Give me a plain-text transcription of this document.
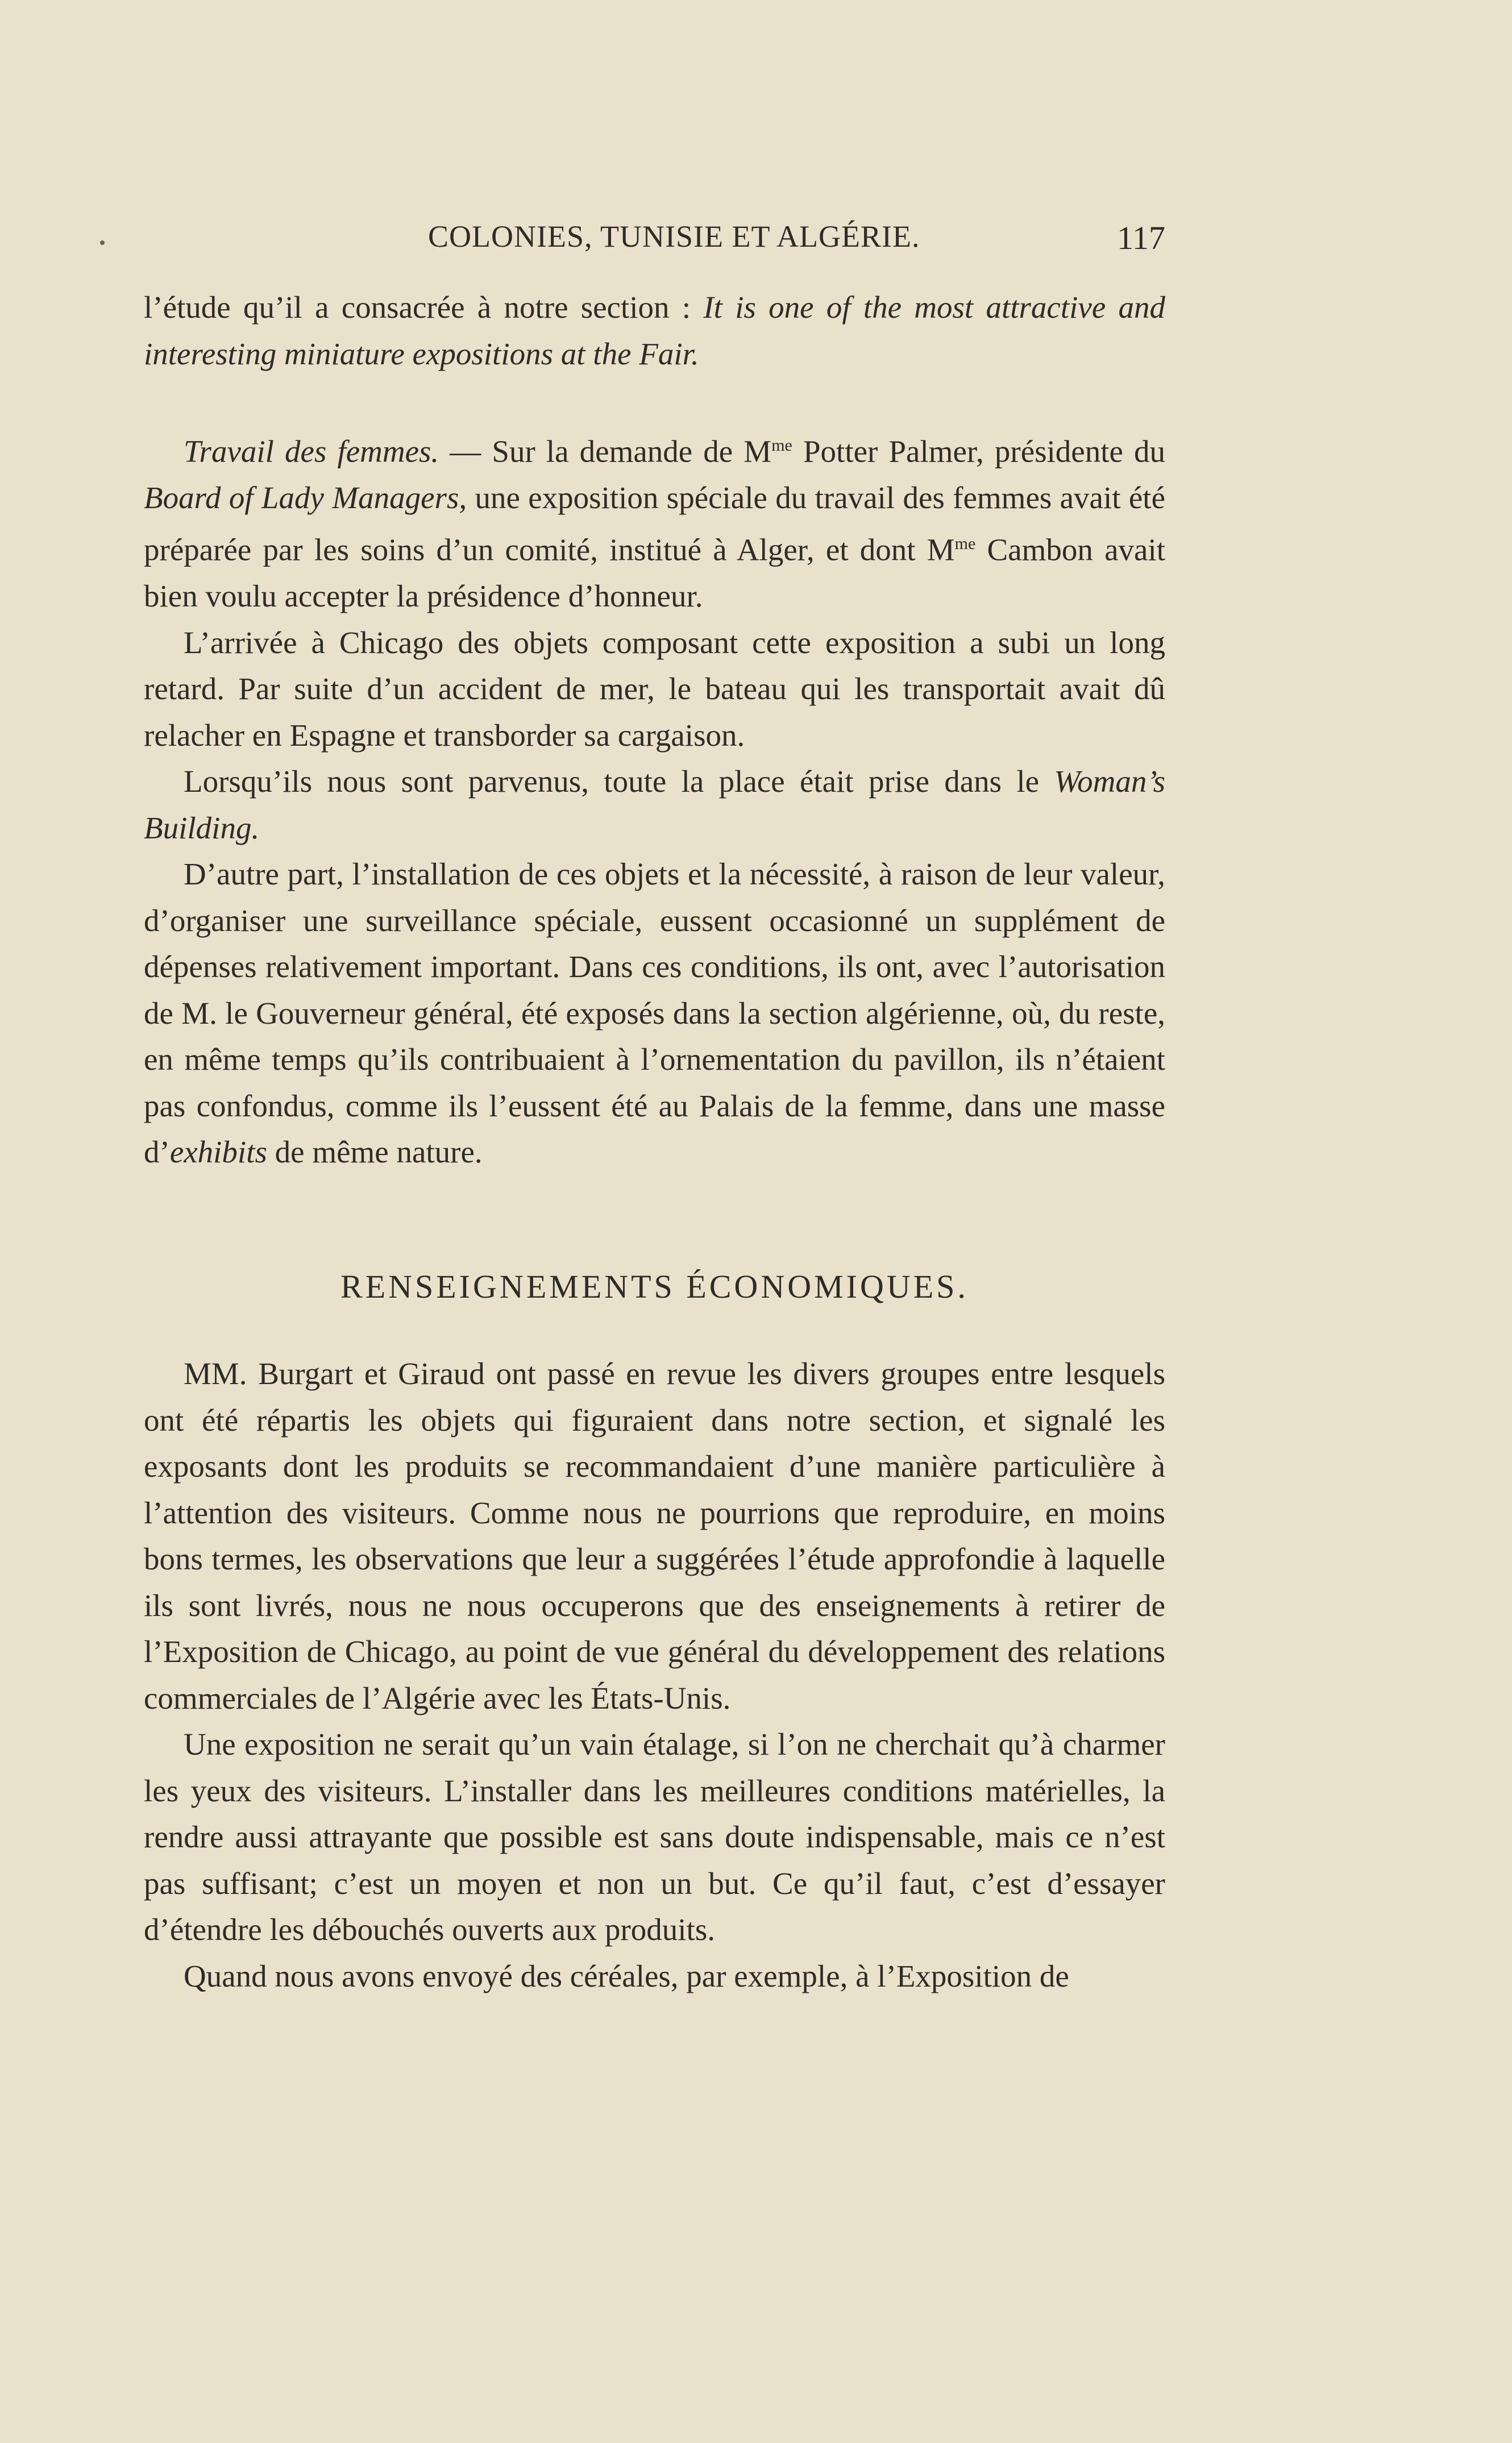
COLONIES, TUNISIE ET ALGÉRIE.	117

l’étude qu’il a consacrée à notre section : It is one of the most attractive and interesting miniature expositions at the Fair.

Travail des femmes. — Sur la demande de $M^{me}$ Potter Palmer, présidente du Board of Lady Managers, une exposition spéciale du travail des femmes avait été préparée par les soins d’un comité, institué à Alger, et dont $M^{me}$ Cambon avait bien voulu accepter la présidence d’honneur.

L’arrivée à Chicago des objets composant cette exposition a subi un long retard. Par suite d’un accident de mer, le bateau qui les transportait avait dû relacher en Espagne et transborder sa cargaison.

Lorsqu’ils nous sont parvenus, toute la place était prise dans le Woman’s Building.

D’autre part, l’installation de ces objets et la nécessité, à raison de leur valeur, d’organiser une surveillance spéciale, eussent occasionné un supplément de dépenses relativement important. Dans ces conditions, ils ont, avec l’autorisation de M. le Gouverneur général, été exposés dans la section algérienne, où, du reste, en même temps qu’ils contribuaient à l’ornementation du pavillon, ils n’étaient pas confondus, comme ils l’eussent été au Palais de la femme, dans une masse d’exhibits de même nature.

RENSEIGNEMENTS ÉCONOMIQUES.

MM. Burgart et Giraud ont passé en revue les divers groupes entre lesquels ont été répartis les objets qui figuraient dans notre section, et signalé les exposants dont les produits se recommandaient d’une manière particulière à l’attention des visiteurs. Comme nous ne pourrions que reproduire, en moins bons termes, les observations que leur a suggérées l’étude approfondie à laquelle ils sont livrés, nous ne nous occuperons que des enseignements à retirer de l’Exposition de Chicago, au point de vue général du développement des relations commerciales de l’Algérie avec les États-Unis.

Une exposition ne serait qu’un vain étalage, si l’on ne cherchait qu’à charmer les yeux des visiteurs. L’installer dans les meilleures conditions matérielles, la rendre aussi attrayante que possible est sans doute indispensable, mais ce n’est pas suffisant; c’est un moyen et non un but. Ce qu’il faut, c’est d’essayer d’étendre les débouchés ouverts aux produits.

Quand nous avons envoyé des céréales, par exemple, à l’Exposition de
